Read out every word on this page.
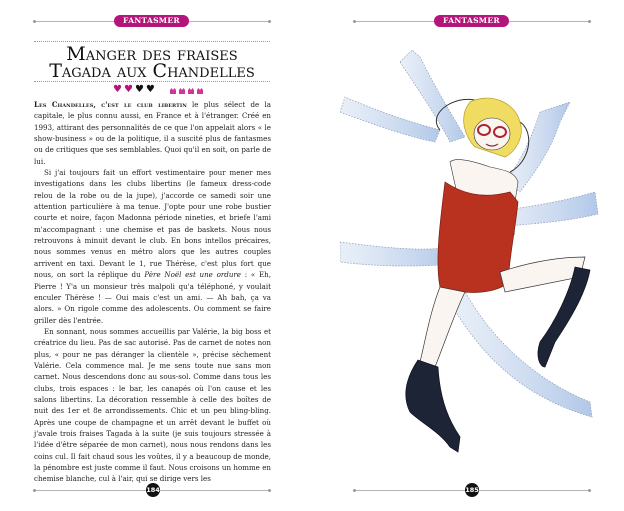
FANTASMER
Manger des fraises
Tagada aux Chandelles
♥ ♥ ♥ ♥

Les Chandelles, c'est le club libertin le plus sélect de la capitale, le plus connu aussi, en France et à l'étranger. Créé en 1993, attirant des personnalités de ce que l'on appelait alors « le show-business » ou de la politique, il a suscité plus de fantasmes ou de critiques que ses semblables. Quoi qu'il en soit, on parle de lui.

Si j'ai toujours fait un effort vestimentaire pour mener mes investigations dans les clubs libertins (le fameux dress-code relou de la robe ou de la jupe), j'accorde ce samedi soir une attention particulière à ma tenue. J'opte pour une robe bustier courte et noire, façon Madonna période nineties, et briefe l'ami m'accompagnant : une chemise et pas de baskets. Nous nous retrouvons à minuit devant le club. En bons intellos précaires, nous sommes venus en métro alors que les autres couples arrivent en taxi. Devant le 1, rue Thérèse, c'est plus fort que nous, on sort la réplique du Père Noël est une ordure : « Eh, Pierre ! Y'a un monsieur très malpoli qu'a téléphoné, y voulait enculer Thérèse ! — Oui mais c'est un ami. — Ah bah, ça va alors. » On rigole comme des adolescents. Ou comment se faire griller dès l'entrée.

En sonnant, nous sommes accueillis par Valérie, la big boss et créatrice du lieu. Pas de sac autorisé. Pas de carnet de notes non plus, « pour ne pas déranger la clientèle », précise sèchement Valérie. Cela commence mal. Je me sens toute nue sans mon carnet. Nous descendons donc au sous-sol. Comme dans tous les clubs, trois espaces : le bar, les canapés où l'on cause et les salons libertins. La décoration ressemble à celle des boîtes de nuit des 1er et 8e arrondissements. Chic et un peu bling-bling. Après une coupe de champagne et un arrêt devant le buffet où j'avale trois fraises Tagada à la suite (je suis toujours stressée à l'idée d'être séparée de mon carnet), nous nous rendons dans les coins cul. Il fait chaud sous les voûtes, il y a beaucoup de monde, la pénombre est juste comme il faut. Nous croisons un homme en chemise blanche, cul à l'air, qui se dirige vers les

184
FANTASMER
185
